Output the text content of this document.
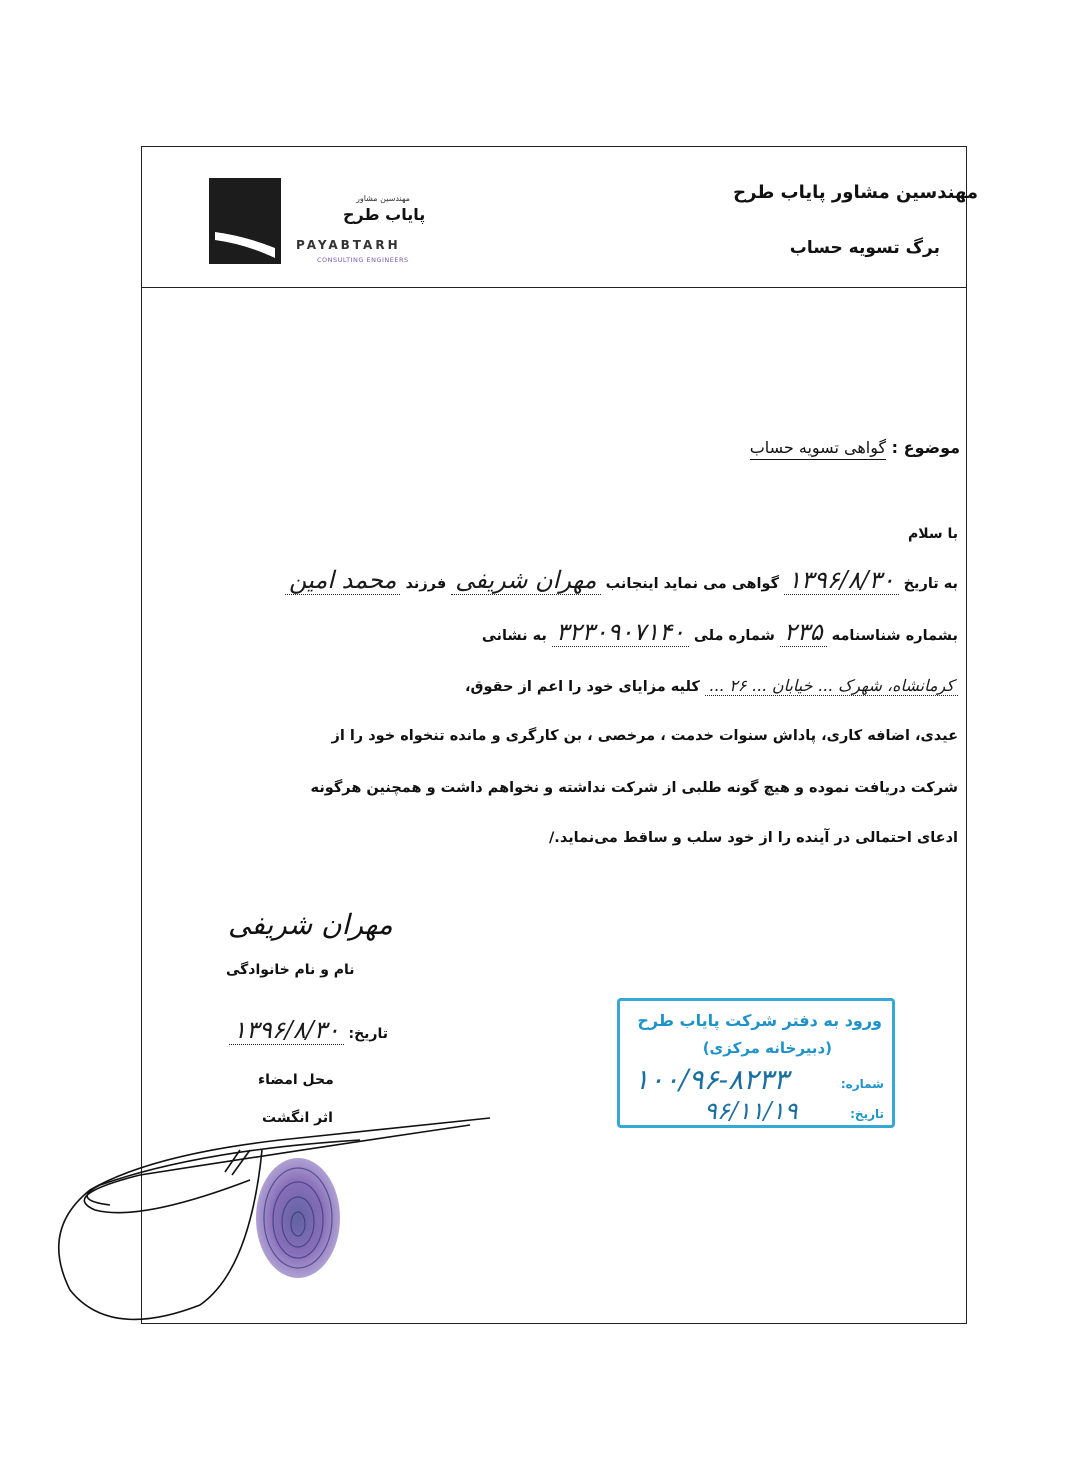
مهندسین مشاور
پایاب طرح
PAYABTARH
CONSULTING ENGINEERS
مهندسین مشاور پایاب طرح
برگ تسویه حساب
موضوع : گواهی تسویه حساب
با سلام
به تاریخ ۱۳۹۶/۸/۳۰ گواهی می نماید اینجانب مهران شریفی فرزند محمد امین
بشماره شناسنامه ۲۳۵ شماره ملی ۳۲۳۰۹۰۷۱۴۰ به نشانی
کرمانشاه، شهرک ... خیابان ... ۲۶ ... کلیه مزایای خود را اعم از حقوق،
عیدی، اضافه کاری، پاداش سنوات خدمت ، مرخصی ، بن کارگری و مانده تنخواه خود را از
شرکت دریافت نموده و هیچ گونه طلبی از شرکت نداشته و نخواهم داشت و همچنین هرگونه
ادعای احتمالی در آینده را از خود سلب و ساقط می‌نماید./
مهران شریفی
نام و نام خانوادگی
تاریخ: ۱۳۹۶/۸/۳۰
محل امضاء
اثر انگشت
ورود به دفتر شرکت پایاب طرح
(دبیرخانه مرکزی)
شماره:
۱۰۰/۹۶-۸۲۳۳
تاریخ:
۹۶/۱۱/۱۹
